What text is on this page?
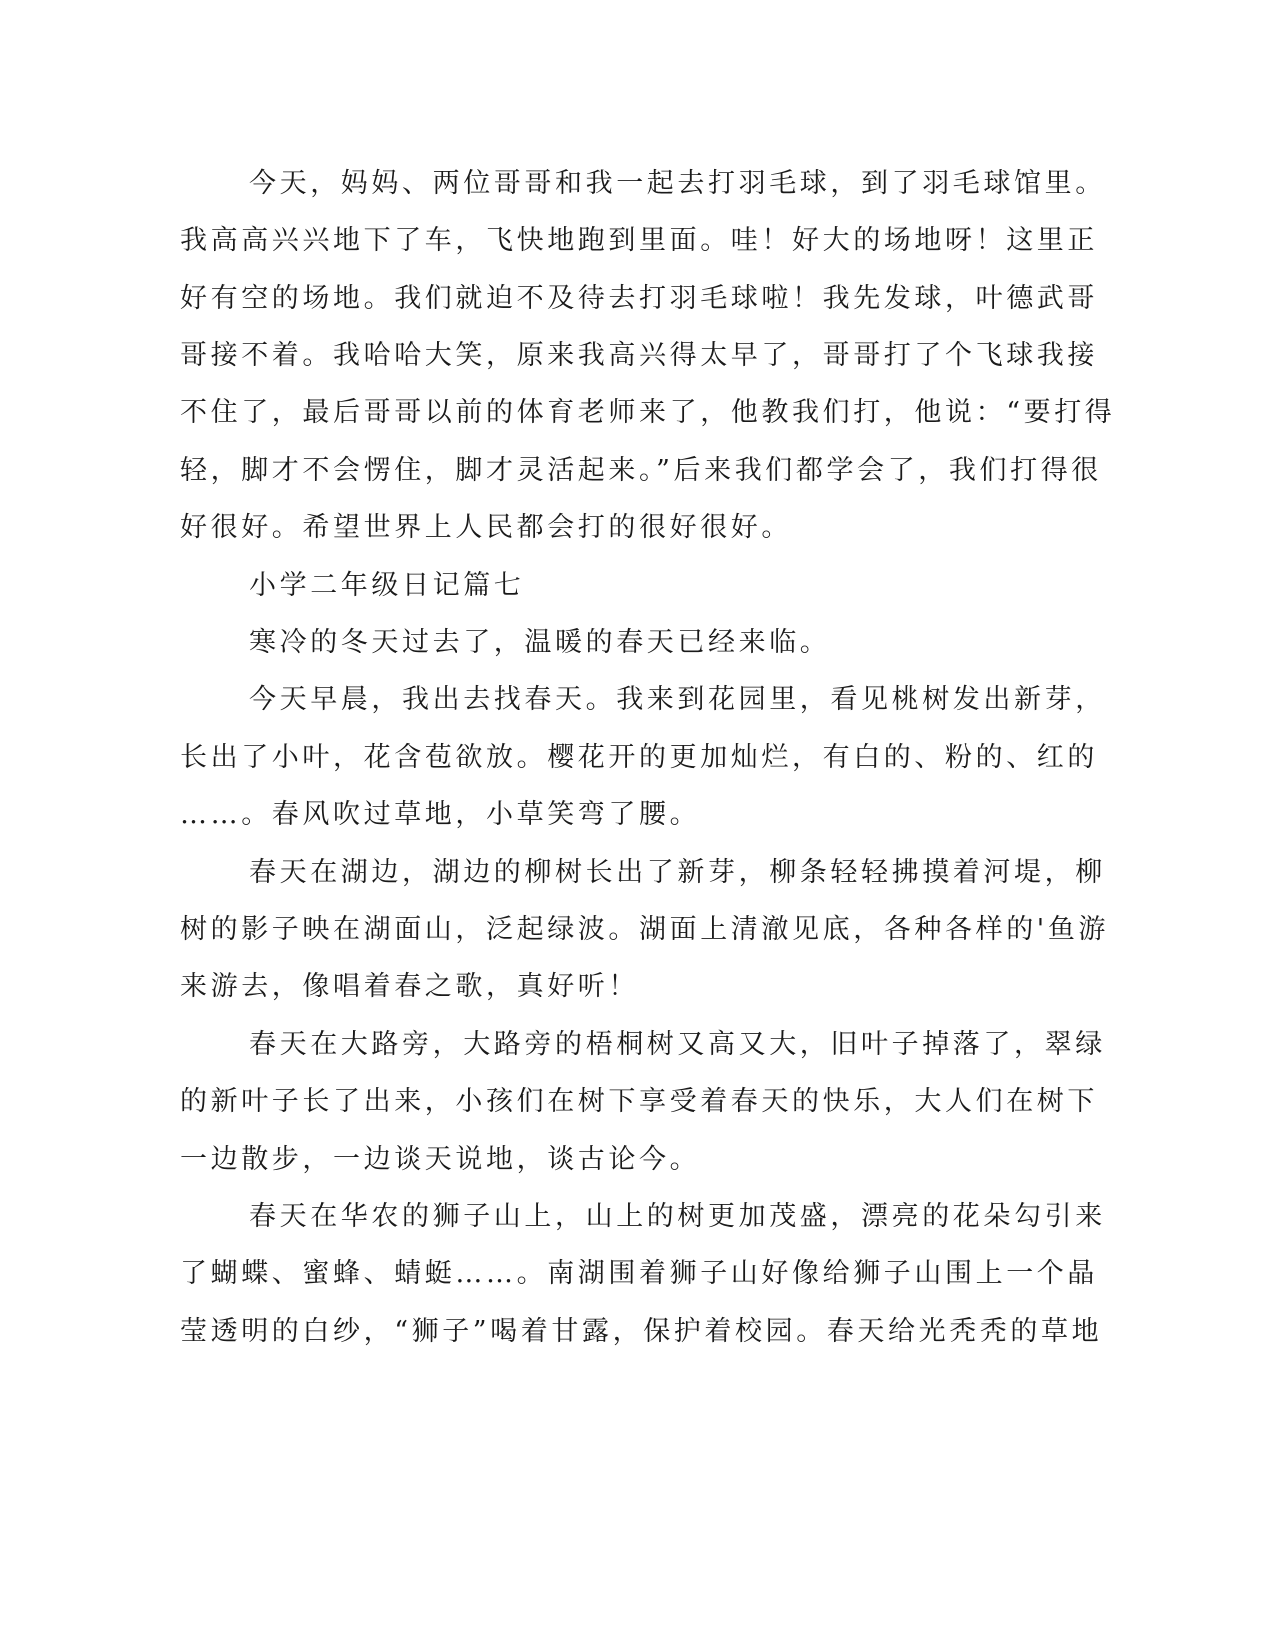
今天，妈妈、两位哥哥和我一起去打羽毛球，到了羽毛球馆里。
我高高兴兴地下了车，飞快地跑到里面。哇！好大的场地呀！这里正
好有空的场地。我们就迫不及待去打羽毛球啦！我先发球，叶德武哥
哥接不着。我哈哈大笑，原来我高兴得太早了，哥哥打了个飞球我接
不住了，最后哥哥以前的体育老师来了，他教我们打，他说：“要打得
轻，脚才不会愣住，脚才灵活起来。”后来我们都学会了，我们打得很
好很好。希望世界上人民都会打的很好很好。
小学二年级日记篇七
寒冷的冬天过去了，温暖的春天已经来临。
今天早晨，我出去找春天。我来到花园里，看见桃树发出新芽，
长出了小叶，花含苞欲放。樱花开的更加灿烂，有白的、粉的、红的
……。春风吹过草地，小草笑弯了腰。
春天在湖边，湖边的柳树长出了新芽，柳条轻轻拂摸着河堤，柳
树的影子映在湖面山，泛起绿波。湖面上清澈见底，各种各样的'鱼游
来游去，像唱着春之歌，真好听！
春天在大路旁，大路旁的梧桐树又高又大，旧叶子掉落了，翠绿
的新叶子长了出来，小孩们在树下享受着春天的快乐，大人们在树下
一边散步，一边谈天说地，谈古论今。
春天在华农的狮子山上，山上的树更加茂盛，漂亮的花朵勾引来
了蝴蝶、蜜蜂、蜻蜓……。南湖围着狮子山好像给狮子山围上一个晶
莹透明的白纱，“狮子”喝着甘露，保护着校园。春天给光秃秃的草地
